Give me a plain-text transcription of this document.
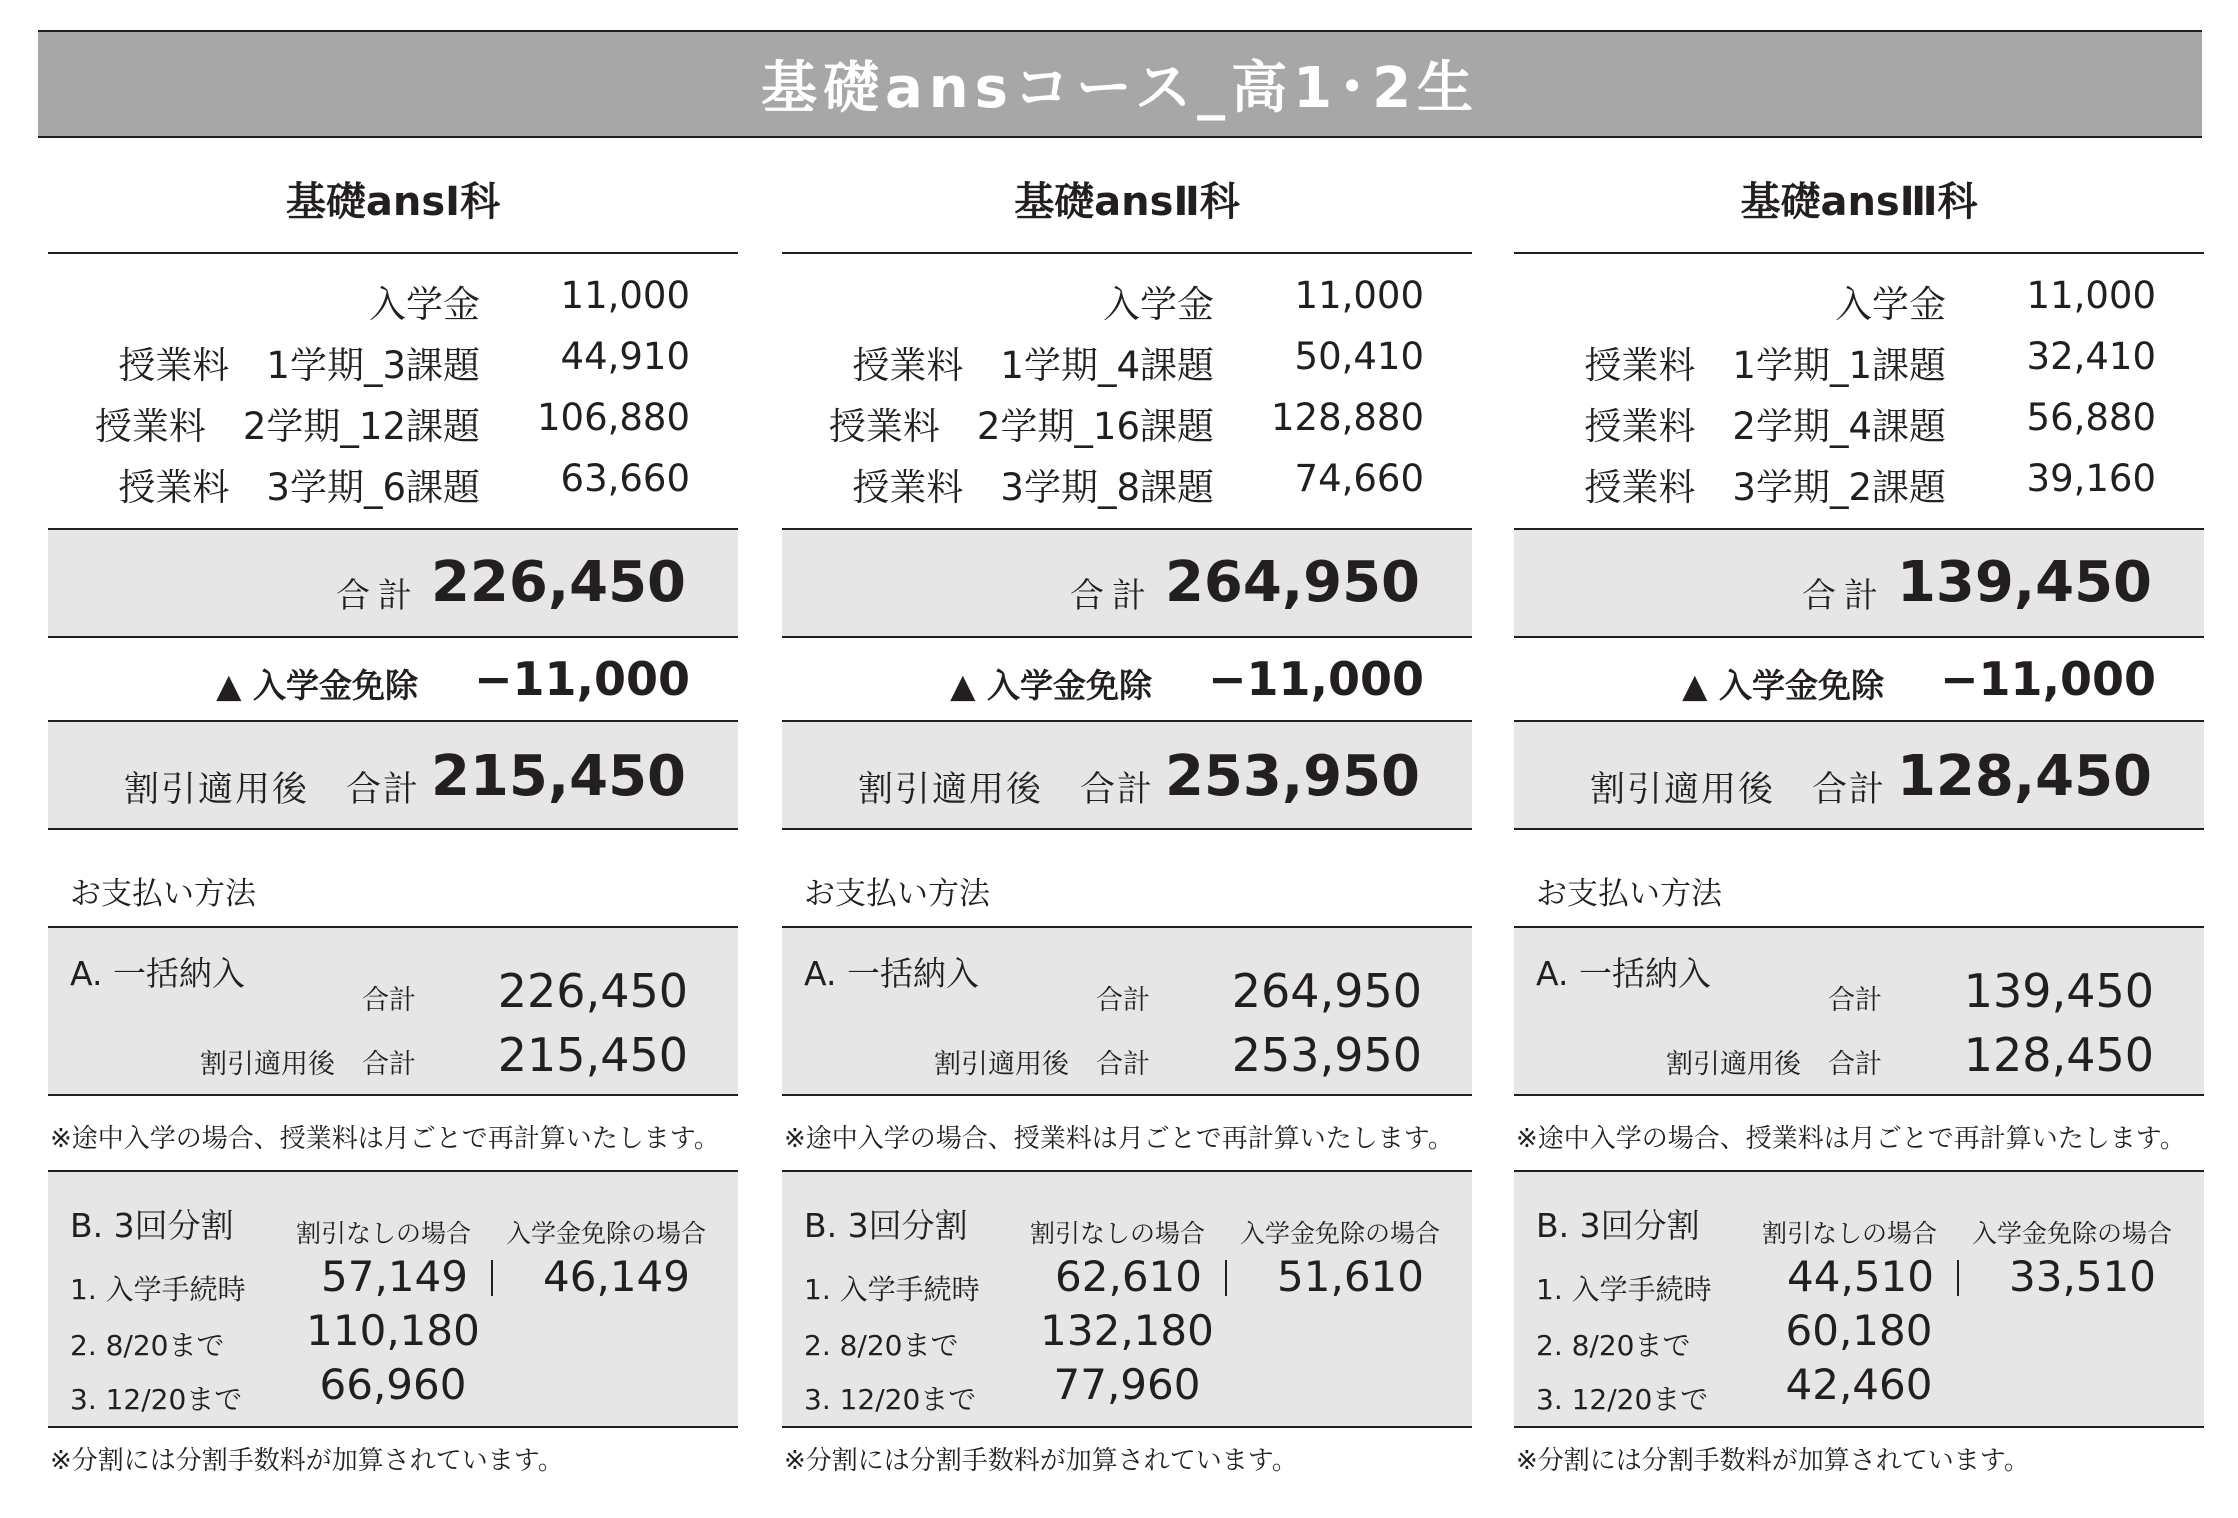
基礎ansコース_高1･2生
基礎ansⅠ科
入学金 11,000
授業料　1学期_3課題 44,910
授業料　2学期_12課題 106,880
授業料　3学期_6課題 63,660
合計 226,450
▲ 入学金免除 −11,000
割引適用後　合計 215,450
お支払い方法
A. 一括納入
合計 226,450
割引適用後　合計 215,450
※途中入学の場合、授業料は月ごとで再計算いたします。
B. 3回分割 割引なしの場合 入学金免除の場合
1. 入学手続時 57,149 46,149
2. 8/20まで	110,180
3. 12/20まで	66,960
※分割には分割手数料が加算されています。
基礎ansⅡ科
入学金 11,000
授業料　1学期_4課題 50,410
授業料　2学期_16課題 128,880
授業料　3学期_8課題 74,660
合計 264,950
▲ 入学金免除 −11,000
割引適用後　合計 253,950
お支払い方法
A. 一括納入
合計 264,950
割引適用後　合計 253,950
※途中入学の場合、授業料は月ごとで再計算いたします。
B. 3回分割 割引なしの場合 入学金免除の場合
1. 入学手続時 62,610 51,610
2. 8/20まで	132,180
3. 12/20まで	77,960
※分割には分割手数料が加算されています。
基礎ansⅢ科
入学金 11,000
授業料　1学期_1課題 32,410
授業料　2学期_4課題 56,880
授業料　3学期_2課題 39,160
合計 139,450
▲ 入学金免除 −11,000
割引適用後　合計 128,450
お支払い方法
A. 一括納入
合計 139,450
割引適用後　合計 128,450
※途中入学の場合、授業料は月ごとで再計算いたします。
B. 3回分割 割引なしの場合 入学金免除の場合
1. 入学手続時 44,510 33,510
2. 8/20まで	60,180
3. 12/20まで	42,460
※分割には分割手数料が加算されています。
